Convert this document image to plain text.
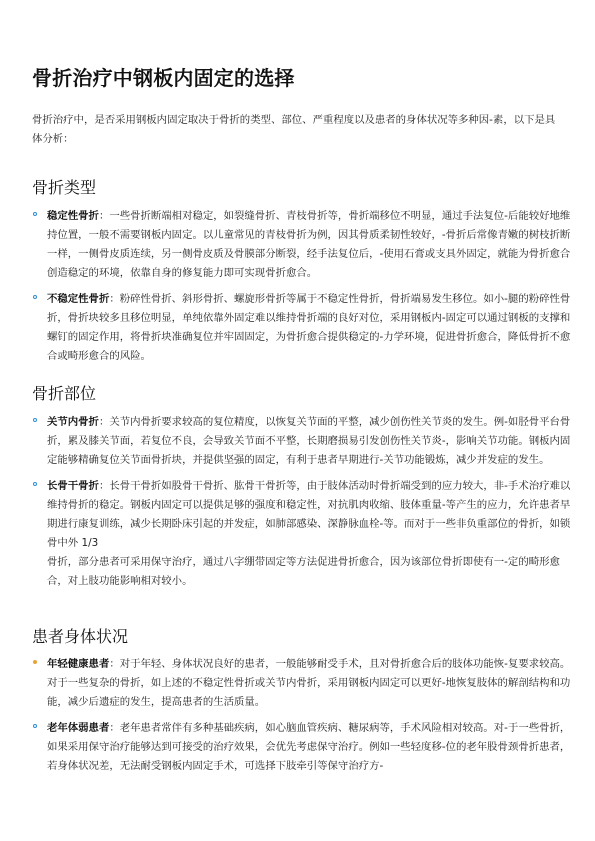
骨折治疗中钢板内固定的选择

骨折治疗中，是否采用钢板内固定取决于骨折的类型、部位、严重程度以及患者的身体状况等多种因-素，以下是具体分析：

骨折类型
稳定性骨折：一些骨折断端相对稳定，如裂缝骨折、青枝骨折等，骨折端移位不明显，通过手法复位-后能较好地维持位置，一般不需要钢板内固定。以儿童常见的青枝骨折为例，因其骨质柔韧性较好，-骨折后常像青嫩的树枝折断一样，一侧骨皮质连续，另一侧骨皮质及骨膜部分断裂，经手法复位后，-使用石膏或支具外固定，就能为骨折愈合创造稳定的环境，依靠自身的修复能力即可实现骨折愈合。
不稳定性骨折：粉碎性骨折、斜形骨折、螺旋形骨折等属于不稳定性骨折，骨折端易发生移位。如小-腿的粉碎性骨折，骨折块较多且移位明显，单纯依靠外固定难以维持骨折端的良好对位，采用钢板内-固定可以通过钢板的支撑和螺钉的固定作用，将骨折块准确复位并牢固固定，为骨折愈合提供稳定的-力学环境，促进骨折愈合，降低骨折不愈合或畸形愈合的风险。
骨折部位
关节内骨折：关节内骨折要求较高的复位精度，以恢复关节面的平整，减少创伤性关节炎的发生。例-如胫骨平台骨折，累及膝关节面，若复位不良，会导致关节面不平整，长期磨损易引发创伤性关节炎-，影响关节功能。钢板内固定能够精确复位关节面骨折块，并提供坚强的固定，有利于患者早期进行-关节功能锻炼，减少并发症的发生。
长骨干骨折：长骨干骨折如股骨干骨折、肱骨干骨折等，由于肢体活动时骨折端受到的应力较大，非-手术治疗难以维持骨折的稳定。钢板内固定可以提供足够的强度和稳定性，对抗肌肉收缩、肢体重量-等产生的应力，允许患者早期进行康复训练，减少长期卧床引起的并发症，如肺部感染、深静脉血栓-等。而对于一些非负重部位的骨折，如锁骨中外 1/3
骨折，部分患者可采用保守治疗，通过八字绷带固定等方法促进骨折愈合，因为该部位骨折即使有一-定的畸形愈合，对上肢功能影响相对较小。
患者身体状况
年轻健康患者：对于年轻、身体状况良好的患者，一般能够耐受手术，且对骨折愈合后的肢体功能恢-复要求较高。对于一些复杂的骨折，如上述的不稳定性骨折或关节内骨折，采用钢板内固定可以更好-地恢复肢体的解剖结构和功能，减少后遗症的发生，提高患者的生活质量。
老年体弱患者：老年患者常伴有多种基础疾病，如心脑血管疾病、糖尿病等，手术风险相对较高。对-于一些骨折，如果采用保守治疗能够达到可接受的治疗效果，会优先考虑保守治疗。例如一些轻度移-位的老年股骨颈骨折患者，若身体状况差，无法耐受钢板内固定手术，可选择下肢牵引等保守治疗方-
